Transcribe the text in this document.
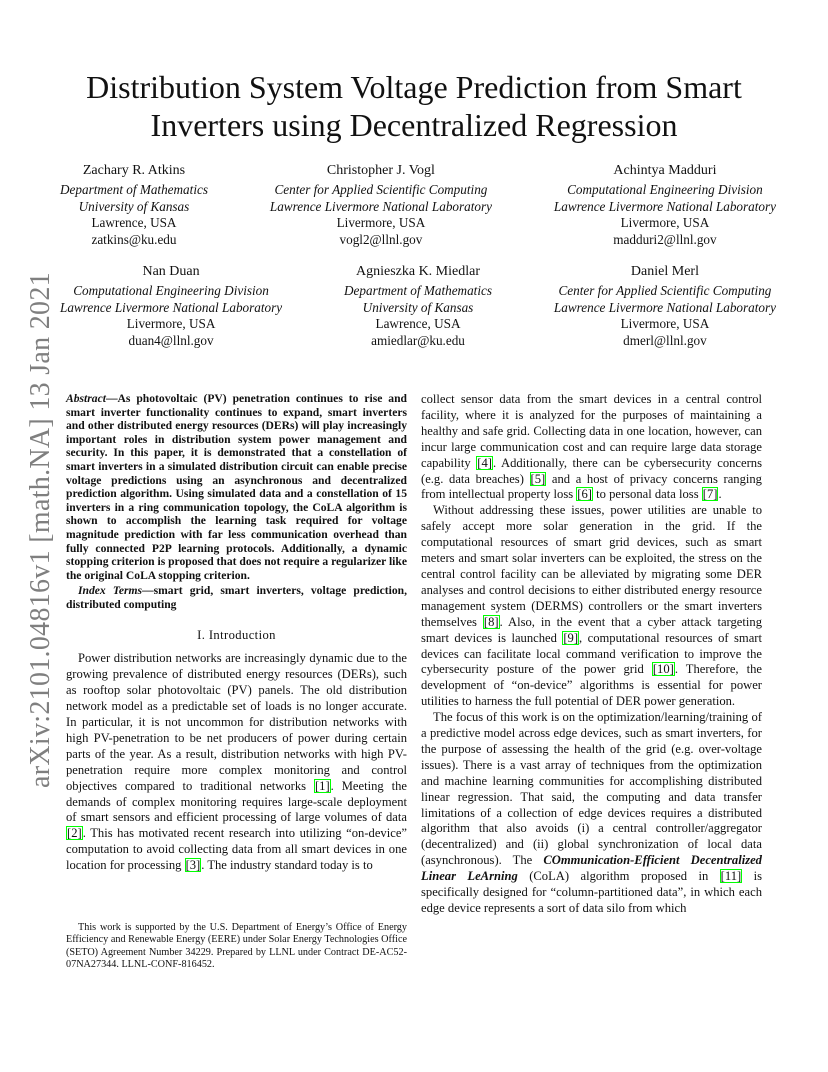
arXiv:2101.04816v1 [math.NA] 13 Jan 2021
Distribution System Voltage Prediction from Smart Inverters using Decentralized Regression
Zachary R. Atkins
Department of Mathematics
University of Kansas
Lawrence, USA
zatkins@ku.edu
Christopher J. Vogl
Center for Applied Scientific Computing
Lawrence Livermore National Laboratory
Livermore, USA
vogl2@llnl.gov
Achintya Madduri
Computational Engineering Division
Lawrence Livermore National Laboratory
Livermore, USA
madduri2@llnl.gov
Nan Duan
Computational Engineering Division
Lawrence Livermore National Laboratory
Livermore, USA
duan4@llnl.gov
Agnieszka K. Miedlar
Department of Mathematics
University of Kansas
Lawrence, USA
amiedlar@ku.edu
Daniel Merl
Center for Applied Scientific Computing
Lawrence Livermore National Laboratory
Livermore, USA
dmerl@llnl.gov

Abstract—As photovoltaic (PV) penetration continues to rise and smart inverter functionality continues to expand, smart inverters and other distributed energy resources (DERs) will play increasingly important roles in distribution system power management and security. In this paper, it is demonstrated that a constellation of smart inverters in a simulated distribution circuit can enable precise voltage predictions using an asynchronous and decentralized prediction algorithm. Using simulated data and a constellation of 15 inverters in a ring communication topology, the CoLA algorithm is shown to accomplish the learning task required for voltage magnitude prediction with far less communication overhead than fully connected P2P learning protocols. Additionally, a dynamic stopping criterion is proposed that does not require a regularizer like the original CoLA stopping criterion.

Index Terms—smart grid, smart inverters, voltage prediction, distributed computing

I. Introduction

Power distribution networks are increasingly dynamic due to the growing prevalence of distributed energy resources (DERs), such as rooftop solar photovoltaic (PV) panels. The old distribution network model as a predictable set of loads is no longer accurate. In particular, it is not uncommon for distribution networks with high PV-penetration to be net producers of power during certain parts of the year. As a result, distribution networks with high PV-penetration require more complex monitoring and control objectives compared to traditional networks [1]. Meeting the demands of complex monitoring requires large-scale deployment of smart sensors and efficient processing of large volumes of data [2]. This has motivated recent research into utilizing “on-device” computation to avoid collecting data from all smart devices in one location for processing [3]. The industry standard today is to

This work is supported by the U.S. Department of Energy’s Office of Energy Efficiency and Renewable Energy (EERE) under Solar Energy Technologies Office (SETO) Agreement Number 34229. Prepared by LLNL under Contract DE-AC52-07NA27344. LLNL-CONF-816452.

collect sensor data from the smart devices in a central control facility, where it is analyzed for the purposes of maintaining a healthy and safe grid. Collecting data in one location, however, can incur large communication cost and can require large data storage capability [4]. Additionally, there can be cybersecurity concerns (e.g. data breaches) [5] and a host of privacy concerns ranging from intellectual property loss [6] to personal data loss [7].

Without addressing these issues, power utilities are unable to safely accept more solar generation in the grid. If the computational resources of smart grid devices, such as smart meters and smart solar inverters can be exploited, the stress on the central control facility can be alleviated by migrating some DER analyses and control decisions to either distributed energy resource management system (DERMS) controllers or the smart inverters themselves [8]. Also, in the event that a cyber attack targeting smart devices is launched [9], computational resources of smart devices can facilitate local command verification to improve the cybersecurity posture of the power grid [10]. Therefore, the development of “on-device” algorithms is essential for power utilities to harness the full potential of DER power generation.

The focus of this work is on the optimization/learning/training of a predictive model across edge devices, such as smart inverters, for the purpose of assessing the health of the grid (e.g. over-voltage issues). There is a vast array of techniques from the optimization and machine learning communities for accomplishing distributed linear regression. That said, the computing and data transfer limitations of a collection of edge devices requires a distributed algorithm that also avoids (i) a central controller/aggregator (decentralized) and (ii) global synchronization of local data (asynchronous). The COmmunication-Efficient Decentralized Linear LeArning (CoLA) algorithm proposed in [11] is specifically designed for “column-partitioned data”, in which each edge device represents a sort of data silo from which
